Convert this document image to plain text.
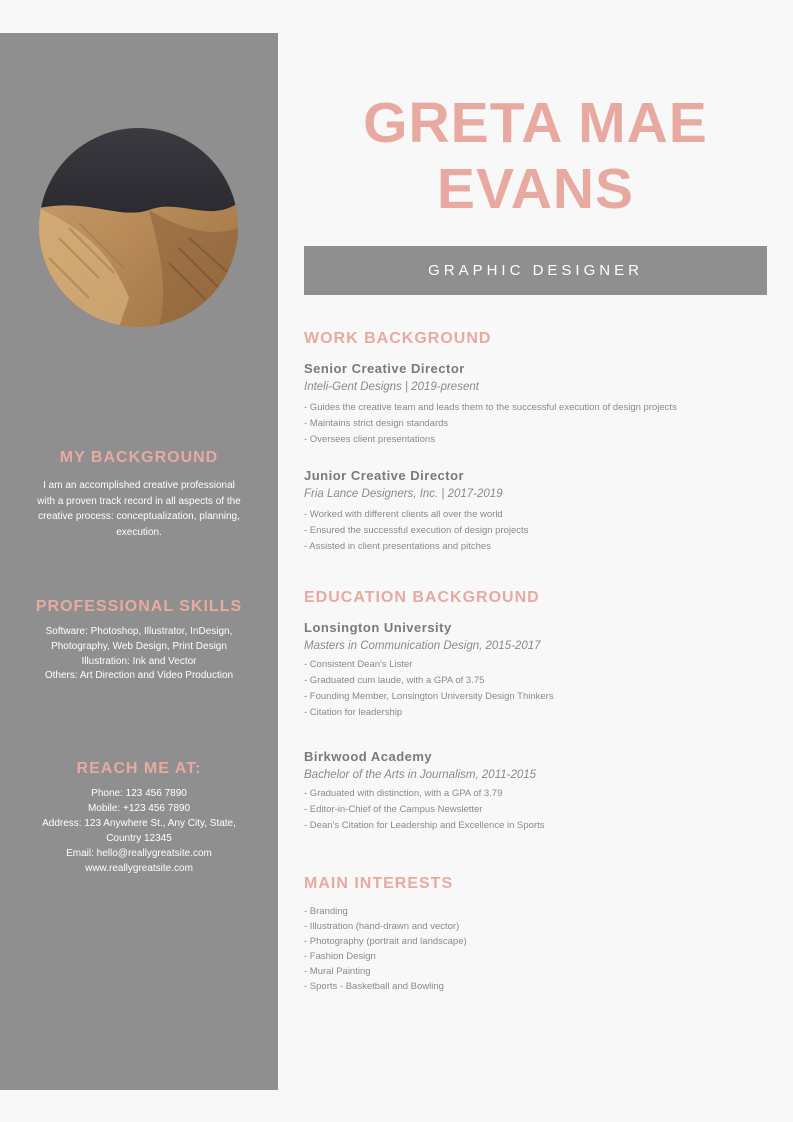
MY BACKGROUND

I am an accomplished creative professional
with a proven track record in all aspects of the
creative process: conceptualization, planning,
execution.

PROFESSIONAL SKILLS

Software: Photoshop, Illustrator, InDesign,
Photography, Web Design, Print Design
Illustration: Ink and Vector
Others: Art Direction and Video Production

REACH ME AT:

Phone: 123 456 7890
Mobile: +123 456 7890
Address: 123 Anywhere St., Any City, State,
Country 12345
Email: hello@reallygreatsite.com
www.reallygreatsite.com

GRETA MAE
EVANS
GRAPHIC DESIGNER
WORK BACKGROUND

Senior Creative Director

Inteli-Gent Designs | 2019-present

- Guides the creative team and leads them to the successful execution of design projects
- Maintains strict design standards
- Oversees client presentations

Junior Creative Director

Fria Lance Designers, Inc. | 2017-2019

- Worked with different clients all over the world
- Ensured the successful execution of design projects
- Assisted in client presentations and pitches
EDUCATION BACKGROUND

Lonsington University

Masters in Communication Design, 2015-2017

- Consistent Dean's Lister
- Graduated cum laude, with a GPA of 3.75
- Founding Member, Lonsington University Design Thinkers
- Citation for leadership

Birkwood Academy

Bachelor of the Arts in Journalism, 2011-2015

- Graduated with distinction, with a GPA of 3.79
- Editor-in-Chief of the Campus Newsletter
- Dean's Citation for Leadership and Excellence in Sports
MAIN INTERESTS
- Branding
- Illustration (hand-drawn and vector)
- Photography (portrait and landscape)
- Fashion Design
- Mural Painting
- Sports - Basketball and Bowling
